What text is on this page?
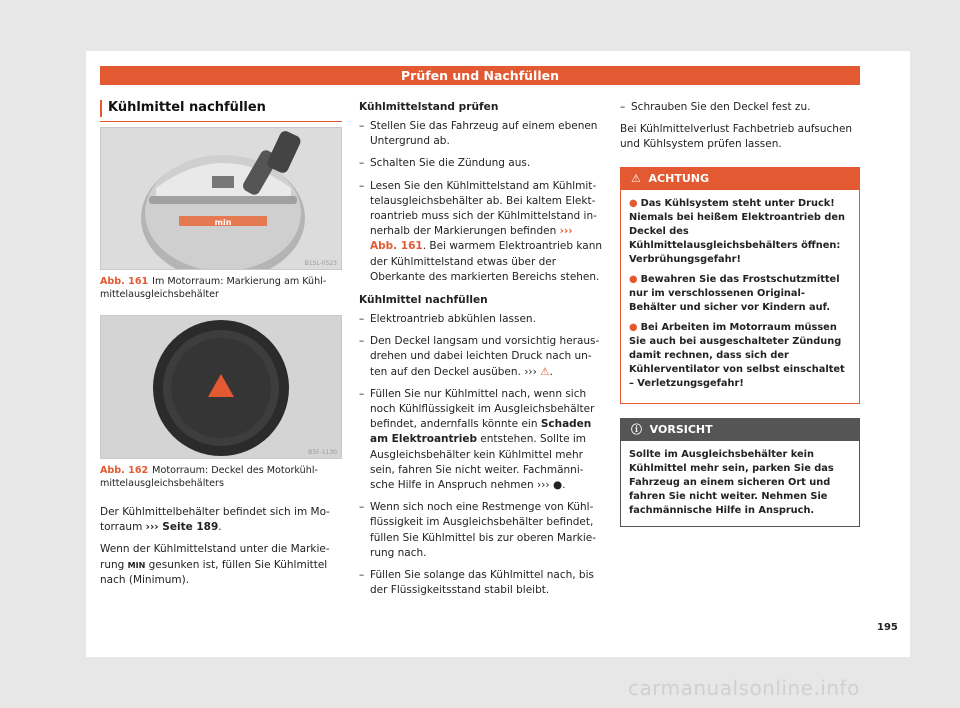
Prüfen und Nachfüllen
Kühlmittel nachfüllen
min
B1SL-0523
Abb. 161 Im Motorraum: Markierung am Kühlmittelausgleichsbehälter
B5F-1130
Abb. 162 Motorraum: Deckel des Motorkühlmittelausgleichsbehälters
Der Kühlmittelbehälter befindet sich im Motorraum ››› Seite 189.
Wenn der Kühlmittelstand unter die Markierung MIN gesunken ist, füllen Sie Kühlmittel nach (Minimum).
Kühlmittelstand prüfen
– Stellen Sie das Fahrzeug auf einem ebenen Untergrund ab.
– Schalten Sie die Zündung aus.
– Lesen Sie den Kühlmittelstand am Kühlmittelausgleichsbehälter ab. Bei kaltem Elektroantrieb muss sich der Kühlmittelstand innerhalb der Markierungen befinden ››› Abb. 161. Bei warmem Elektroantrieb kann der Kühlmittelstand etwas über der Oberkante des markierten Bereichs stehen.
Kühlmittel nachfüllen
– Elektroantrieb abkühlen lassen.
– Den Deckel langsam und vorsichtig herausdrehen und dabei leichten Druck nach unten auf den Deckel ausüben. ››› ⚠.
– Füllen Sie nur Kühlmittel nach, wenn sich noch Kühlflüssigkeit im Ausgleichsbehälter befindet, andernfalls könnte ein Schaden am Elektroantrieb entstehen. Sollte im Ausgleichsbehälter kein Kühlmittel mehr sein, fahren Sie nicht weiter. Fachmännische Hilfe in Anspruch nehmen ››› ●.
– Wenn sich noch eine Restmenge von Kühlflüssigkeit im Ausgleichsbehälter befindet, füllen Sie Kühlmittel bis zur oberen Markierung nach.
– Füllen Sie solange das Kühlmittel nach, bis der Flüssigkeitsstand stabil bleibt.
– Schrauben Sie den Deckel fest zu.
Bei Kühlmittelverlust Fachbetrieb aufsuchen und Kühlsystem prüfen lassen.
⚠ ACHTUNG
● Das Kühlsystem steht unter Druck! Niemals bei heißem Elektroantrieb den Deckel des Kühlmittelausgleichsbehälters öffnen: Verbrühungsgefahr!
● Bewahren Sie das Frostschutzmittel nur im verschlossenen Original-Behälter und sicher vor Kindern auf.
● Bei Arbeiten im Motorraum müssen Sie auch bei ausgeschalteter Zündung damit rechnen, dass sich der Kühlerventilator von selbst einschaltet – Verletzungsgefahr!
ⓘ VORSICHT
Sollte im Ausgleichsbehälter kein Kühlmittel mehr sein, parken Sie das Fahrzeug an einem sicheren Ort und fahren Sie nicht weiter. Nehmen Sie fachmännische Hilfe in Anspruch.
195
carmanualsonline.info
